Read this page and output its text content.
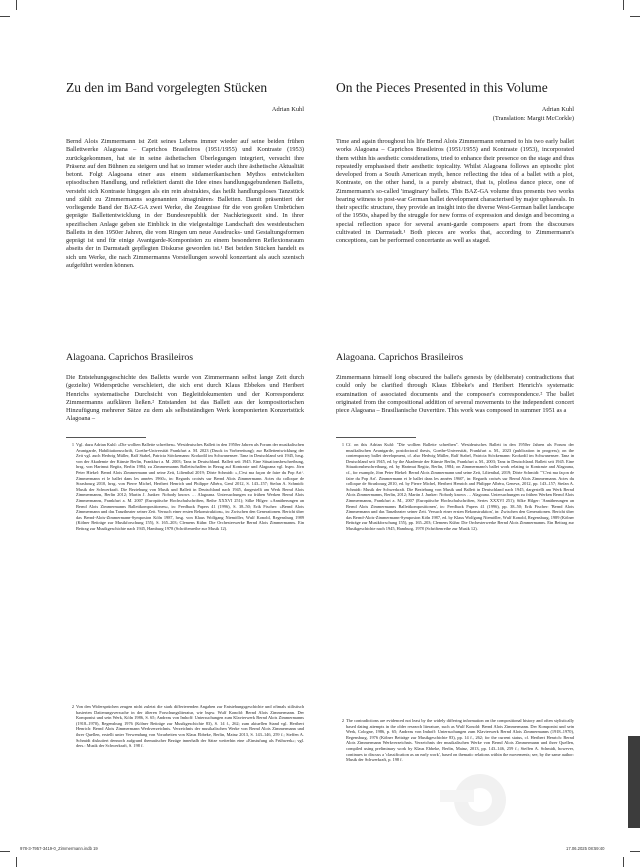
Zu den im Band vorgelegten Stücken

Adrian Kuhl

Bernd Alois Zimmermann ist Zeit seines Lebens immer wieder auf seine beiden frühen Ballettwerke Alagoana – Caprichos Brasileiros (1951/1955) und Kontraste (1953) zurückgekommen, hat sie in seine ästhetischen Überlegungen integriert, versucht ihre Präsenz auf den Bühnen zu steigern und hat so immer wieder auch ihre ästhetische Aktualität betont. Folgt Alagoana einer aus einem südamerikanischen Mythos entwickelten episodischen Handlung, und reflektiert damit die Idee eines handlungsgebundenen Balletts, versteht sich Kontraste hingegen als ein rein abstraktes, das heißt handlungsloses Tanzstück und zählt zu Zimmermanns sogenannten ›imaginären‹ Balletten. Damit präsentiert der vorliegende Band der BAZ-GA zwei Werke, die Zeugnisse für die von großen Umbrüchen geprägte Ballettentwicklung in der Bundesrepublik der Nachkriegszeit sind. In ihrer spezifischen Anlage geben sie Einblick in die vielgestaltige Landschaft des westdeutschen Balletts in den 1950er Jahren, die vom Ringen um neue Ausdrucks- und Gestaltungsformen geprägt ist und für einige Avantgarde-Komponisten zu einem besonderen Reflexionsraum abseits der in Darmstadt gepflegten Diskurse geworden ist.¹ Bei beiden Stücken handelt es sich um Werke, die nach Zimmermanns Vorstellungen sowohl konzertant als auch szenisch aufgeführt werden können.

Alagoana. Caprichos Brasileiros

Die Entstehungsgeschichte des Balletts wurde von Zimmermann selbst lange Zeit durch (gezielte) Widersprüche verschleiert, die sich erst durch Klaus Ebbekes und Heribert Henrichs systematische Durchsicht von Begleitdokumenten und der Korrespondenz Zimmermanns aufklären ließen.² Entstanden ist das Ballett aus der kompositorischen Hinzufügung mehrerer Sätze zu dem als selbstständigen Werk komponierten Konzertstück Alagoana –

1 Vgl. dazu Adrian Kuhl: »Die wollten Ballette schreiben«. Westdeutsches Ballett in den 1950er Jahren als Forum der musikalischen Avantgarde, Habilitationsschrift, Goethe-Universität Frankfurt a. M. 2023 (Druck in Vorbereitung); zur Ballettentwicklung der Zeit vgl. auch Hedwig Müller, Ralf Stabel, Patricia Stöckemann: Krokodil im Schwanensee. Tanz in Deutschland seit 1945, hrsg. von der Akademie der Künste Berlin, Frankfurt a. M. 2003; Tanz in Deutschland. Ballett seit 1945. Eine Situationsbeschreibung, hrsg. von Hartmut Regitz, Berlin 1984; zu Zimmermanns Ballettschaffen in Bezug auf Kontraste und Alagoana vgl. bspw. Jörn Peter Hiekel: Bernd Alois Zimmermann und seine Zeit, Lilienthal 2019; Dörte Schmidt: »‚C'est ma façon de faire du Pop Art‘. Zimmermann et le ballet dans les années 1960«, in: Regards croisés sur Bernd Alois Zimmermann. Actes du colloque de Strasbourg 2010, hrsg. von Pierre Michel, Heribert Henrich und Philippe Albèra, Genf 2012, S. 143–157; Stefan A. Schmidt: Musik der Schwerkraft. Die Beziehung von Musik und Ballett in Deutschland nach 1945, dargestellt am Werk Bernd Alois Zimmermanns, Berlin 2012; Martin J. Junker: Nobody knows … Alagoana. Untersuchungen zu frühen Werken Bernd Alois Zimmermanns, Frankfurt a. M. 2007 (Europäische Hochschulschriften, Reihe XXXVI 251); Silke Hilger: »Annäherungen an Bernd Alois Zimmermanns Ballettkompositionen«, in: Feedback Papers 41 (1996), S. 38–50; Erik Fischer: »Bernd Alois Zimmermann und das Tanztheater seiner Zeit. Versuch einer ersten Rekonstruktion«, in: Zwischen den Generationen. Bericht über das Bernd-Alois-Zimmermann-Symposion Köln 1987, hrsg. von Klaus Wolfgang Niemöller, Wulf Konold, Regensburg 1989 (Kölner Beiträge zur Musikforschung 155), S. 165–203; Clemens Kühn: Die Orchesterwerke Bernd Alois Zimmermanns. Ein Beitrag zur Musikgeschichte nach 1945, Hamburg 1978 (Schriftenreihe zur Musik 12).

2 Von den Widersprüchen zeugen nicht zuletzt die stark differierenden Angaben zur Entstehungsgeschichte und oftmals stilistisch basierten Datierungsversuche in der älteren Forschungsliteratur, wie bspw. Wulf Konold: Bernd Alois Zimmermann. Der Komponist und sein Werk, Köln 1986, S. 65; Andreas von Imhoff: Untersuchungen zum Klavierwerk Bernd Alois Zimmermanns (1918–1970), Regensburg 1976 (Kölner Beiträge zur Musikgeschichte 83), S. 14 f., 262; zum aktuellen Stand vgl. Heribert Henrich: Bernd Alois Zimmermann Werkverzeichnis. Verzeichnis der musikalischen Werke von Bernd Alois Zimmermann und ihrer Quellen, erstellt unter Verwendung von Vorarbeiten von Klaus Ebbeke, Berlin, Mainz 2013, S. 143–146, 259 f.; Steffen A. Schmidt diskutiert dennoch aufgrund thematischer Bezüge innerhalb der Sätze weiterhin eine »Einstufung als Frühwerk«; vgl. ders.: Musik der Schwerkraft, S. 198 f.

On the Pieces Presented in this Volume

Adrian Kuhl

(Translation: Margit McCorkle)

Time and again throughout his life Bernd Alois Zimmermann returned to his two early ballet works Alagoana – Caprichos Brasileiros (1951/1955) and Kontraste (1953), incorporated them within his aesthetic considerations, tried to enhance their presence on the stage and thus repeatedly emphasised their aesthetic topicality. Whilst Alagoana follows an episodic plot developed from a South American myth, hence reflecting the idea of a ballet with a plot, Kontraste, on the other hand, is a purely abstract, that is, plotless dance piece, one of Zimmermann's so-called 'imaginary' ballets. This BAZ-GA volume thus presents two works bearing witness to post-war German ballet development characterised by major upheavals. In their specific structure, they provide an insight into the diverse West-German ballet landscape of the 1950s, shaped by the struggle for new forms of expression and design and becoming a special reflection space for several avant-garde composers apart from the discourses cultivated in Darmstadt.¹ Both pieces are works that, according to Zimmermann's conceptions, can be performed concertante as well as staged.

Alagoana. Caprichos Brasileiros

Zimmermann himself long obscured the ballet's genesis by (deliberate) contradictions that could only be clarified through Klaus Ebbeke's and Heribert Henrich's systematic examination of associated documents and the composer's correspondence.² The ballet originated from the compositional addition of several movements to the independent concert piece Alagoana – Brasilianische Ouvertüre. This work was composed in summer 1951 as a

1 Cf. on this Adrian Kuhl: "Die wollten Ballette schreiben". Westdeutsches Ballett in den 1950er Jahren als Forum der musikalischen Avantgarde, postdoctoral thesis, Goethe-Universität, Frankfurt a. M., 2023 (publication in progress); on the contemporary ballet development, cf. also Hedwig Müller, Ralf Stabel, Patricia Stöckemann: Krokodil im Schwanensee. Tanz in Deutschland seit 1945, ed. by the Akademie der Künste Berlin, Frankfurt a. M., 2003; Tanz in Deutschland. Ballett seit 1945. Eine Situationsbeschreibung, ed. by Hartmut Regitz, Berlin, 1984; on Zimmermann's ballet work relating to Kontraste and Alagoana, cf., for example, Jörn Peter Hiekel: Bernd Alois Zimmermann und seine Zeit, Lilienthal, 2019; Dörte Schmidt: "'C'est ma façon de faire du Pop Art'. Zimmermann et le ballet dans les années 1960", in: Regards croisés sur Bernd Alois Zimmermann. Actes du colloque de Strasbourg 2010, ed. by Pierre Michel, Heribert Henrich and Philippe Albèra, Geneva, 2012, pp. 143–157; Stefan A. Schmidt: Musik der Schwerkraft. Die Beziehung von Musik und Ballett in Deutschland nach 1945, dargestellt am Werk Bernd Alois Zimmermanns, Berlin, 2012; Martin J. Junker: Nobody knows … Alagoana. Untersuchungen zu frühen Werken Bernd Alois Zimmermanns, Frankfurt a. M., 2007 (Europäische Hochschulschriften, Series XXXVI 251); Silke Hilger: 'Annäherungen an Bernd Alois Zimmermanns Ballettkompositionen', in: Feedback Papers 41 (1996), pp. 38–50; Erik Fischer: 'Bernd Alois Zimmermann und das Tanztheater seiner Zeit. Versuch einer ersten Rekonstruktion', in: Zwischen den Generationen. Bericht über das Bernd-Alois-Zimmermann-Symposion Köln 1987, ed. by Klaus Wolfgang Niemöller, Wulf Konold, Regensburg, 1989 (Kölner Beiträge zur Musikforschung 155), pp. 165–203; Clemens Kühn: Die Orchesterwerke Bernd Alois Zimmermanns. Ein Beitrag zur Musikgeschichte nach 1945, Hamburg, 1978 (Schriftenreihe zur Musik 12).

2 The contradictions are evidenced not least by the widely differing information on the compositional history and often stylistically based dating attempts in the older research literature, such as Wulf Konold: Bernd Alois Zimmermann. Der Komponist und sein Werk, Cologne, 1986, p. 65; Andreas von Imhoff: Untersuchungen zum Klavierwerk Bernd Alois Zimmermanns (1918–1970), Regensburg, 1976 (Kölner Beiträge zur Musikgeschichte 83), pp. 14 f., 262; for the current status, cf. Heribert Henrich: Bernd Alois Zimmermann Werkverzeichnis. Verzeichnis der musikalischen Werke von Bernd Alois Zimmermann und ihrer Quellen, compiled using preliminary work by Klaus Ebbeke, Berlin, Mainz, 2013, pp. 143–146, 259 f.; Steffen A. Schmidt, however, continues to discuss a 'classification as an early work', based on thematic relations within the movements; see, by the same author: Musik der Schwerkraft, p. 198 f.

978-3-7957-3419-0_Zimmermann.indb 19	17.06.2025 08:59:40
